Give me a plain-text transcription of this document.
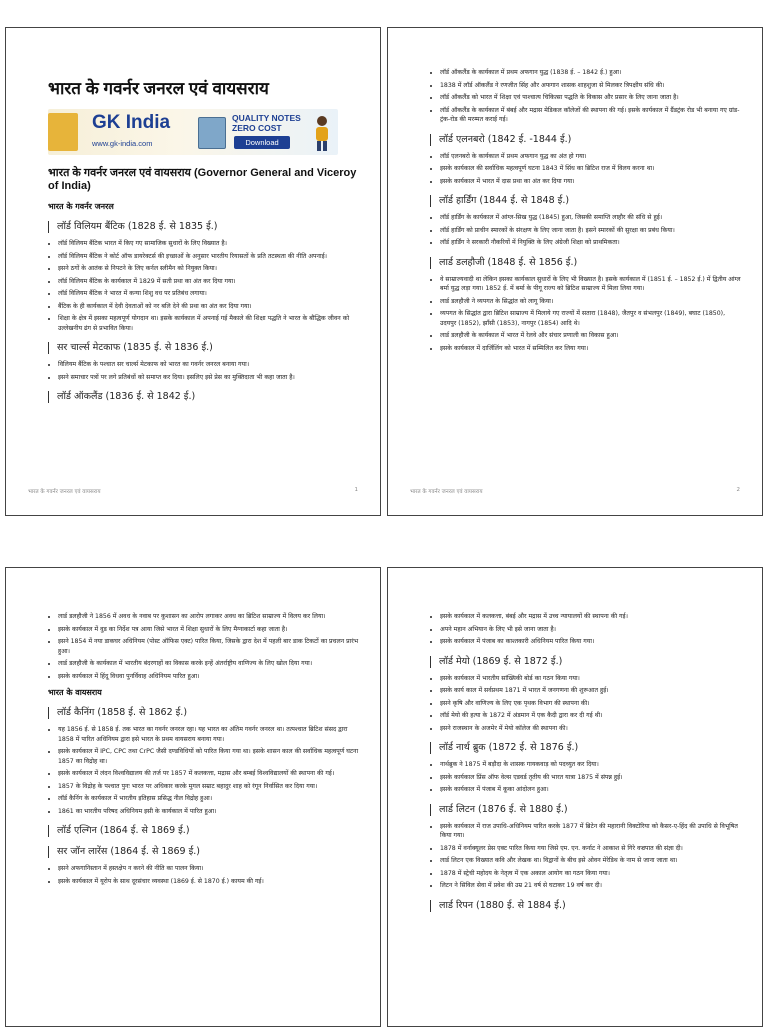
भारत के गवर्नर जनरल एवं वायसराय
GK India
www.gk-india.com
QUALITY NOTES
ZERO COST
Download
भारत के गवर्नर जनरल एवं वायसराय (Governor General and Viceroy of India)
भारत के गवर्नर जनरल
लॉर्ड विलियम बैंटिक (1828 ई. से 1835 ई.)
• लॉर्ड विलियम बैंटिक भारत में किए गए सामाजिक सुधारों के लिए विख्यात है।
• लॉर्ड विलियम बैंटिक ने कोर्ट ऑफ डायरेक्टर्स की इच्छाओं के अनुसार भारतीय रियासतों के प्रति तटस्थता की नीति अपनाई।
• इसने ठगों के आतंक से निपटने के लिए कर्नल स्लीमैन को नियुक्त किया।
• लॉर्ड विलियम बैंटिक के कार्यकाल में 1829 में सती प्रथा का अंत कर दिया गया।
• लॉर्ड विलियम बैंटिक ने भारत में कन्या शिशु वध पर प्रतिबंध लगाया।
• बैंटिक के ही कार्यकाल में देवी देवताओं को नर बलि देने की प्रथा का अंत कर दिया गया।
• शिक्षा के क्षेत्र में इसका महत्वपूर्ण योगदान था। इसके कार्यकाल में अपनाई गई मैकाले की शिक्षा पद्धति ने भारत के बौद्धिक जीवन को उल्लेखनीय ढंग से प्रभावित किया।
सर चार्ल्स मेटकाफ (1835 ई. से 1836 ई.)
• विलियम बैंटिक के पश्चात सर चार्ल्स मेटकाफ को भारत का गवर्नर जनरल बनाया गया।
• इसने समाचार पत्रों पर लगे प्रतिबंधों को समाप्त कर दिया। इसलिए इसे प्रेस का मुक्तिदाता भी कहा जाता है।
लॉर्ड ऑकलैंड (1836 ई. से 1842 ई.)
भारत के गवर्नर जनरल एवं वायसराय	1
• लॉर्ड ऑकलैंड के कार्यकाल में प्रथम अफगान युद्ध (1838 ई. – 1842 ई.) हुआ।
• 1838 में लॉर्ड ऑकलैंड ने रणजीत सिंह और अफगान शासक शाहशुजा से मिलकर त्रिपक्षीय संधि की।
• लॉर्ड ऑकलैंड को भारत में शिक्षा एवं पाश्चात्य चिकित्सा पद्धति के विकास और प्रसार के लिए जाना जाता है।
• लॉर्ड ऑकलैंड के कार्यकाल में बंबई और मद्रास मेडिकल कॉलेजों की स्थापना की गई। इसके कार्यकाल में ग्रैंडट्रंक रोड भी बनाया गए ग्रांड-ट्रंक-रोड की मरम्मत कराई गई।
लॉर्ड एलनबरो (1842 ई. -1844 ई.)
• लॉर्ड एलनबरो के कार्यकाल में प्रथम अफगान युद्ध का अंत हो गया।
• इसके कार्यकाल की सर्वाधिक महत्वपूर्ण घटना 1843 में सिंध का ब्रिटिश राज में विलय करना था।
• इसके कार्यकाल में भारत में दास प्रथा का अंत कर दिया गया।
लॉर्ड हार्डिंग (1844 ई. से 1848 ई.)
• लॉर्ड हार्डिंग के कार्यकाल में आंग्ल-सिख युद्ध (1845) हुआ, जिसकी समाप्ति लाहौर की संधि से हुई।
• लॉर्ड हार्डिंग को प्राचीन स्मारकों के संरक्षण के लिए जाना जाता है। इसने स्मारकों की सुरक्षा का प्रबंध किया।
• लॉर्ड हार्डिंग ने सरकारी नौकरियों में नियुक्ति के लिए अंग्रेजी शिक्षा को प्राथमिकता।
लार्ड डलहौजी (1848 ई. से 1856 ई.)
• वे साम्राज्यवादी था लेकिन इसका कार्यकाल सुधारों के लिए भी विख्यात है। इसके कार्यकाल में (1851 ई. – 1852 ई.) में द्वितीय आंग्ल बर्मा युद्ध लड़ा गया। 1852 ई. में बर्मा के पीगू राज्य को ब्रिटिश साम्राज्य में मिला लिया गया।
• लार्ड डलहौजी ने व्यपगत के सिद्धांत को लागू किया।
• व्यपगत के सिद्धांत द्वारा ब्रिटिश साम्राज्य में मिलाये गए राज्यों में सतारा (1848), जैतपुर व संभलपुर (1849), बघाट (1850), उदयपुर (1852), झाँसी (1853), नागपुर (1854) आदि थे।
• लार्ड डलहौजी के कार्यकाल में भारत में रेलवे और संचार प्रणाली का विकास हुआ।
• इसके कार्यकाल में दार्जिलिंग को भारत में सम्मिलित कर लिया गया।
भारत के गवर्नर जनरल एवं वायसराय	2
• लार्ड डलहौजी ने 1856 में अवध के नवाब पर कुशासन का आरोप लगाकर अवध का ब्रिटिश साम्राज्य में विलय कर लिया।
• इसके कार्यकाल में वुड का निर्देश पत्र आया जिसे भारत में शिक्षा सुधारों के लिए मैग्नाकार्टा कहा जाता है।
• इसने 1854 में नया डाकघर अधिनियम (पोस्ट ऑफिस एक्ट) पारित किया, जिसके द्वारा देश में पहली बार डाक टिकटों का प्रचलन प्रारंभ हुआ।
• लार्ड डलहौजी के कार्यकाल में भारतीय बंदरगाहों का विकास करके इन्हें अंतर्राष्ट्रीय वाणिज्य के लिए खोल दिया गया।
• इसके कार्यकाल में हिंदू विधवा पुनर्विवाह अधिनियम पारित हुआ।
भारत के वायसराय
लॉर्ड कैनिंग (1858 ई. से 1862 ई.)
• यह 1856 ई. से 1858 ई. तक भारत का गवर्नर जनरल रहा। यह भारत का अंतिम गवर्नर जनरल था। तत्पश्चात ब्रिटिश संसद द्वारा 1858 में पारित अधिनियम द्वारा इसे भारत के प्रथम वायसराय बनाया गया।
• इसके कार्यकाल में IPC, CPC तथा CrPC जैसी दण्डविधियों को पारित किया गया था। इसके शासन काल की सर्वाधिक महत्वपूर्ण घटना 1857 का विद्रोह था।
• इसके कार्यकाल में लंदन विश्वविद्यालय की तर्ज पर 1857 में कलकत्ता, मद्रास और बम्बई विश्वविद्यालयों की स्थापना की गई।
• 1857 के विद्रोह के पश्चात पुनः भारत पर अधिकार करके मुगल सम्राट बहादुर शाह को रंगून निर्वासित कर दिया गया।
• लॉर्ड कैनिंग के कार्यकाल में भारतीय इतिहास प्रसिद्ध नील विद्रोह हुआ।
• 1861 का भारतीय परिषद अधिनियम इसी के कार्यकाल में पारित हुआ।
लॉर्ड एल्गिन (1864 ई. से 1869 ई.)
सर जॉन लारेंस (1864 ई. से 1869 ई.)
• इसने अफगानिस्तान में हस्तक्षेप न करने की नीति का पालन किया।
• इसके कार्यकाल में यूरोप के साथ दूरसंचार व्यवस्था (1869 ई. से 1870 ई.) कायम की गई।
• इसके कार्यकाल में कलकत्ता, बंबई और मद्रास में उच्च न्यायालयों की स्थापना की गई।
• अपने महान अभियान के लिए भी इसे जाना जाता है।
• इसके कार्यकाल में पंजाब का काश्तकारी अधिनियम पारित किया गया।
लॉर्ड मेयो (1869 ई. से 1872 ई.)
• इसके कार्यकाल में भारतीय सांख्यिकी बोर्ड का गठन किया गया।
• इसके कार्य काल में सर्वप्रथम 1871 में भारत में जनगणना की शुरूआत हुई।
• इसने कृषि और वाणिज्य के लिए एक पृथक विभाग की स्थापना की।
• लॉर्ड मेयो की हत्या के 1872 में अंडमान में एक कैदी द्वारा कर दी गई थी।
• इसने राजस्थान के अजमेर में मेयो कॉलेज की स्थापना की।
लॉर्ड नार्थ ब्रुक (1872 ई. से 1876 ई.)
• नार्थब्रुक ने 1875 में बड़ौदा के शासक गायकवाड़ को पदच्युत कर दिया।
• इसके कार्यकाल प्रिंस ऑफ वेल्स एडवर्ड तृतीय की भारत यात्रा 1875 में संपन्न हुई।
• इसके कार्यकाल में पंजाब में कूका आंदोलन हुआ।
लार्ड लिटन (1876 ई. से 1880 ई.)
• इसके कार्यकाल में राज उपाधि-अधिनियम पारित करके 1877 में ब्रिटेन की महारानी विक्टोरिया को कैसर-ए-हिंद की उपाधि से विभूषित किया गया।
• 1878 में वर्नाक्यूलर प्रेस एक्ट पारित किया गया जिसे एम. एन. कर्नाट ने आकाश से गिरे वज्रपात की संज्ञा दी।
• लार्ड लिटन एक विख्यात कवि और लेखक था। विद्वानों के बीच इसे ओवन मेरेडिथ के नाम से जाना जाता था।
• 1878 में स्ट्रेची महोदय के नेतृत्व में एक अकाल आयोग का गठन किया गया।
• लिटन ने सिविल सेवा में प्रवेश की उम्र 21 वर्ष से घटाकर 19 वर्ष कर दी।
लार्ड रिपन (1880 ई. से 1884 ई.)
